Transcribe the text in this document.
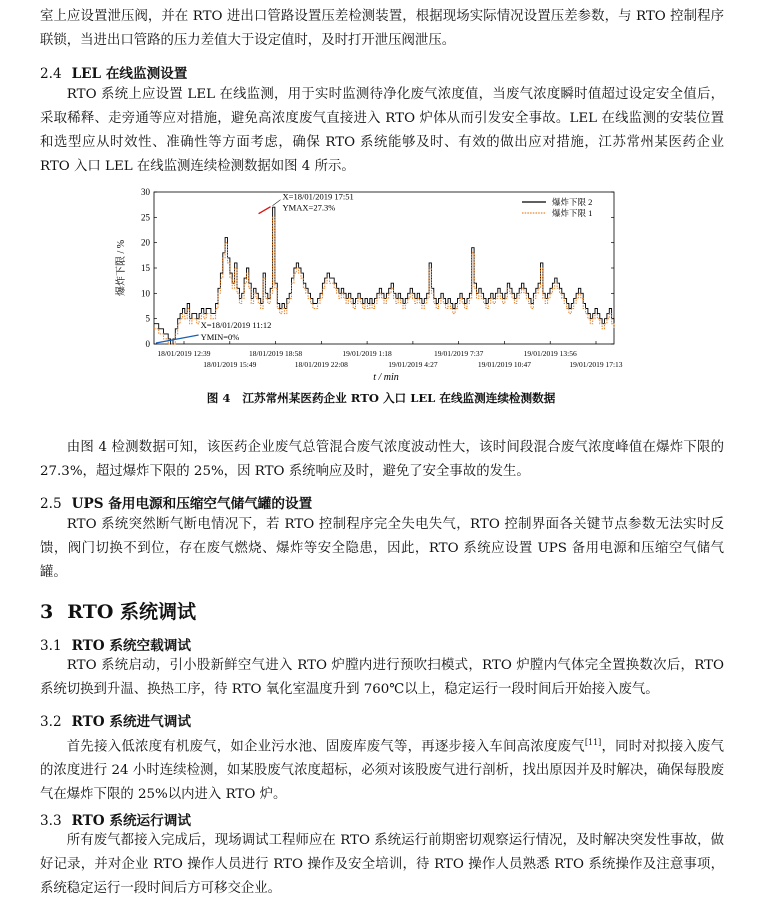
室上应设置泄压阀，并在 RTO 进出口管路设置压差检测装置，根据现场实际情况设置压差参数，与 RTO 控制程序联锁，当进出口管路的压力差值大于设定值时，及时打开泄压阀泄压。

2.4 LEL 在线监测设置

RTO 系统上应设置 LEL 在线监测，用于实时监测待净化废气浓度值，当废气浓度瞬时值超过设定安全值后，采取稀释、走旁通等应对措施，避免高浓度废气直接进入 RTO 炉体从而引发安全事故。LEL 在线监测的安装位置和选型应从时效性、准确性等方面考虑，确保 RTO 系统能够及时、有效的做出应对措施，江苏常州某医药企业 RTO 入口 LEL 在线监测连续检测数据如图 4 所示。

0
5
10
15
20
25
30
18/01/2019 12:39
18/01/2019 15:49
18/01/2019 18:58
18/01/2019 22:08
19/01/2019 1:18
19/01/2019 4:27
19/01/2019 7:37
19/01/2019 10:47
19/01/2019 13:56
19/01/2019 17:13
X=18/01/2019 17:51
YMAX=27.3%
X=18/01/2019 11:12
YMIN=0%
爆炸下限 2
爆炸下限 1
爆炸下限 / %
t / min

图 4 江苏常州某医药企业 RTO 入口 LEL 在线监测连续检测数据

由图 4 检测数据可知，该医药企业废气总管混合废气浓度波动性大，该时间段混合废气浓度峰值在爆炸下限的 27.3%，超过爆炸下限的 25%，因 RTO 系统响应及时，避免了安全事故的发生。

2.5 UPS 备用电源和压缩空气储气罐的设置

RTO 系统突然断气断电情况下，若 RTO 控制程序完全失电失气，RTO 控制界面各关键节点参数无法实时反馈，阀门切换不到位，存在废气燃烧、爆炸等安全隐患，因此，RTO 系统应设置 UPS 备用电源和压缩空气储气罐。

3 RTO 系统调试
3.1 RTO 系统空载调试

RTO 系统启动，引小股新鲜空气进入 RTO 炉膛内进行预吹扫模式，RTO 炉膛内气体完全置换数次后，RTO 系统切换到升温、换热工序，待 RTO 氧化室温度升到 760℃以上，稳定运行一段时间后开始接入废气。

3.2 RTO 系统进气调试

首先接入低浓度有机废气，如企业污水池、固废库废气等，再逐步接入车间高浓度废气[11]，同时对拟接入废气的浓度进行 24 小时连续检测，如某股废气浓度超标，必须对该股废气进行剖析，找出原因并及时解决，确保每股废气在爆炸下限的 25%以内进入 RTO 炉。

3.3 RTO 系统运行调试

所有废气都接入完成后，现场调试工程师应在 RTO 系统运行前期密切观察运行情况，及时解决突发性事故，做好记录，并对企业 RTO 操作人员进行 RTO 操作及安全培训，待 RTO 操作人员熟悉 RTO 系统操作及注意事项，系统稳定运行一段时间后方可移交企业。
